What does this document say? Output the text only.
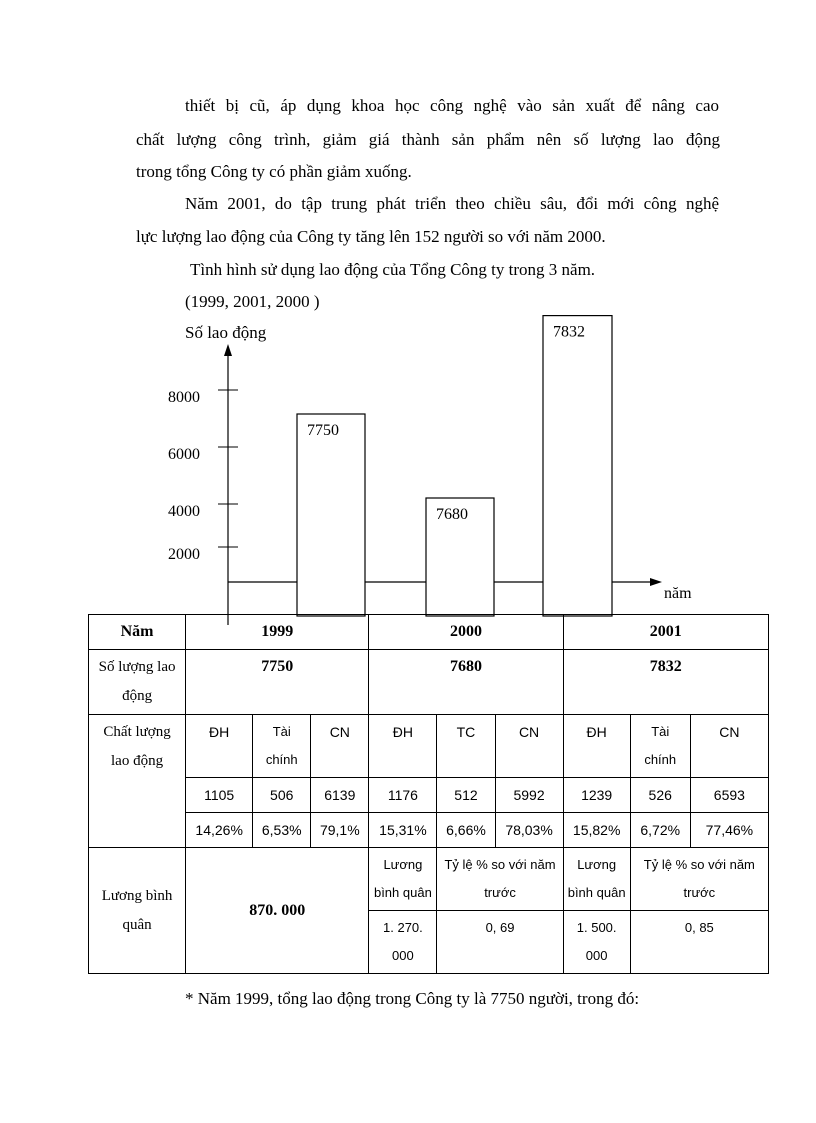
thiết bị cũ, áp dụng khoa học công nghệ vào sản xuất để nâng cao
chất lượng công trình, giảm giá thành sản phẩm nên số lượng lao động
trong tổng Công ty có phần giảm xuống.
Năm 2001, do tập trung phát triển theo chiều sâu, đổi mới công nghệ
lực lượng lao động của Công ty tăng lên 152 người so với năm 2000.
Tình hình sử dụng lao động của Tổng Công ty trong 3 năm.
(1999, 2001, 2000 )
Số lao động
năm
8000
6000
4000
2000
7750
7680
7832
Năm	1999			2000			2001		
Số lượng lao động	7750			7680			7832		
Chất lượng lao động	ĐH	Tài chính	CN	ĐH	TC	CN	ĐH	Tài chính	CN
	1105	506	6139	1176	512	5992	1239	526	6593
	14,26%	6,53%	79,1%	15,31%	6,66%	78,03%	15,82%	6,72%	77,46%
Lương bình quân	870. 000			Lương bình quân	Tỷ lệ % so với năm trước		Lương bình quân	Tỷ lệ % so với năm trước	
				1. 270. 000	0, 69		1. 500. 000	0, 85	
* Năm 1999, tổng lao động trong Công ty là 7750 người, trong đó:
